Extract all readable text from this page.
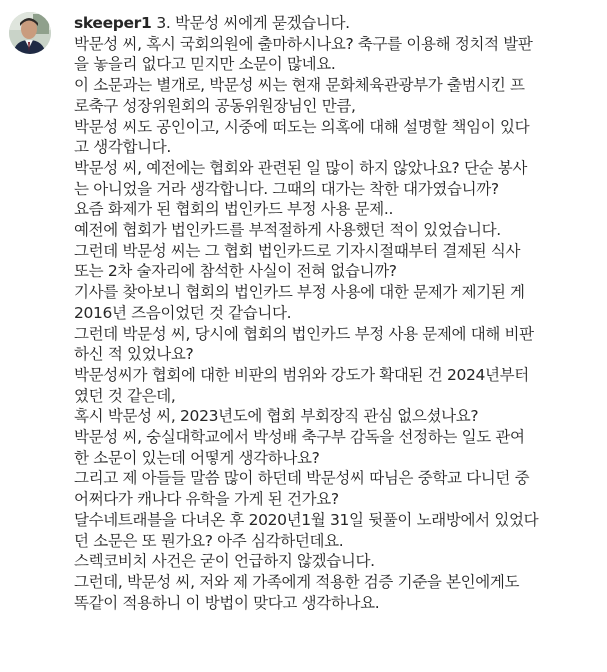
skeeper1 3. 박문성 씨에게 묻겠습니다.
박문성 씨, 혹시 국회의원에 출마하시나요? 축구를 이용해 정치적 발판
을 놓을리 없다고 믿지만 소문이 많네요.
이 소문과는 별개로, 박문성 씨는 현재 문화체육관광부가 출범시킨 프
로축구 성장위원회의 공동위원장님인 만큼,
박문성 씨도 공인이고, 시중에 떠도는 의혹에 대해 설명할 책임이 있다
고 생각합니다.
박문성 씨, 예전에는 협회와 관련된 일 많이 하지 않았나요? 단순 봉사
는 아니었을 거라 생각합니다. 그때의 대가는 착한 대가였습니까?
요즘 화제가 된 협회의 법인카드 부정 사용 문제..
예전에 협회가 법인카드를 부적절하게 사용했던 적이 있었습니다.
그런데 박문성 씨는 그 협회 법인카드로 기자시절때부터 결제된 식사
또는 2차 술자리에 참석한 사실이 전혀 없습니까?
기사를 찾아보니 협회의 법인카드 부정 사용에 대한 문제가 제기된 게
2016년 즈음이었던 것 같습니다.
그런데 박문성 씨, 당시에 협회의 법인카드 부정 사용 문제에 대해 비판
하신 적 있었나요?
박문성씨가 협회에 대한 비판의 범위와 강도가 확대된 건 2024년부터
였던 것 같은데,
혹시 박문성 씨, 2023년도에 협회 부회장직 관심 없으셨나요?
박문성 씨, 숭실대학교에서 박성배 축구부 감독을 선정하는 일도 관여
한 소문이 있는데 어떻게 생각하나요?
그리고 제 아들들 말씀 많이 하던데 박문성씨 따님은 중학교 다니던 중
어쩌다가 캐나다 유학을 가게 된 건가요?
달수네트래블을 다녀온 후 2020년1월 31일 뒷풀이 노래방에서 있었다
던 소문은 또 뭔가요? 아주 심각하던데요.
스렉코비치 사건은 굳이 언급하지 않겠습니다.
그런데, 박문성 씨, 저와 제 가족에게 적용한 검증 기준을 본인에게도
똑같이 적용하니 이 방법이 맞다고 생각하나요.
